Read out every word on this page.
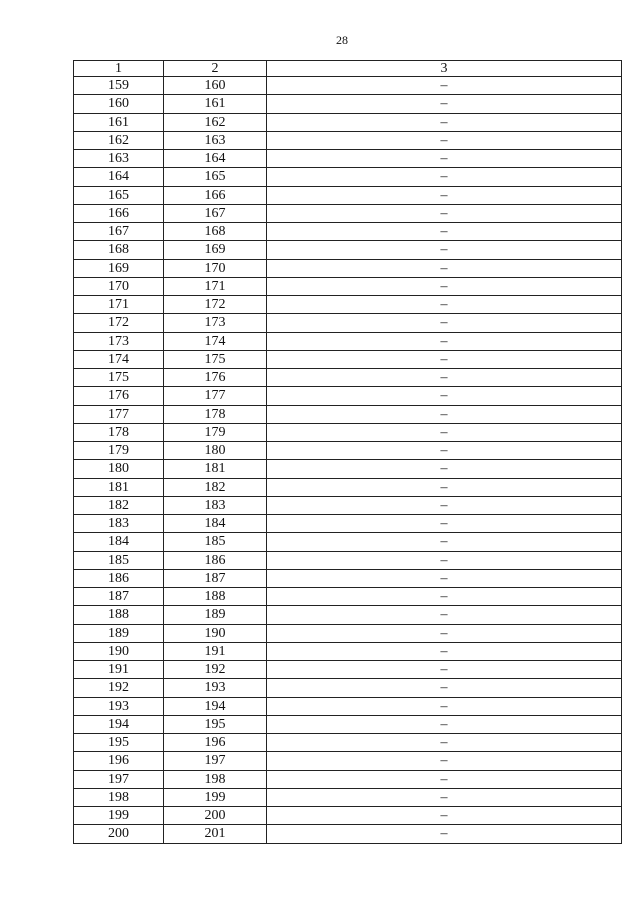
28
1	2	3
159	160	–
160	161	–
161	162	–
162	163	–
163	164	–
164	165	–
165	166	–
166	167	–
167	168	–
168	169	–
169	170	–
170	171	–
171	172	–
172	173	–
173	174	–
174	175	–
175	176	–
176	177	–
177	178	–
178	179	–
179	180	–
180	181	–
181	182	–
182	183	–
183	184	–
184	185	–
185	186	–
186	187	–
187	188	–
188	189	–
189	190	–
190	191	–
191	192	–
192	193	–
193	194	–
194	195	–
195	196	–
196	197	–
197	198	–
198	199	–
199	200	–
200	201	–
